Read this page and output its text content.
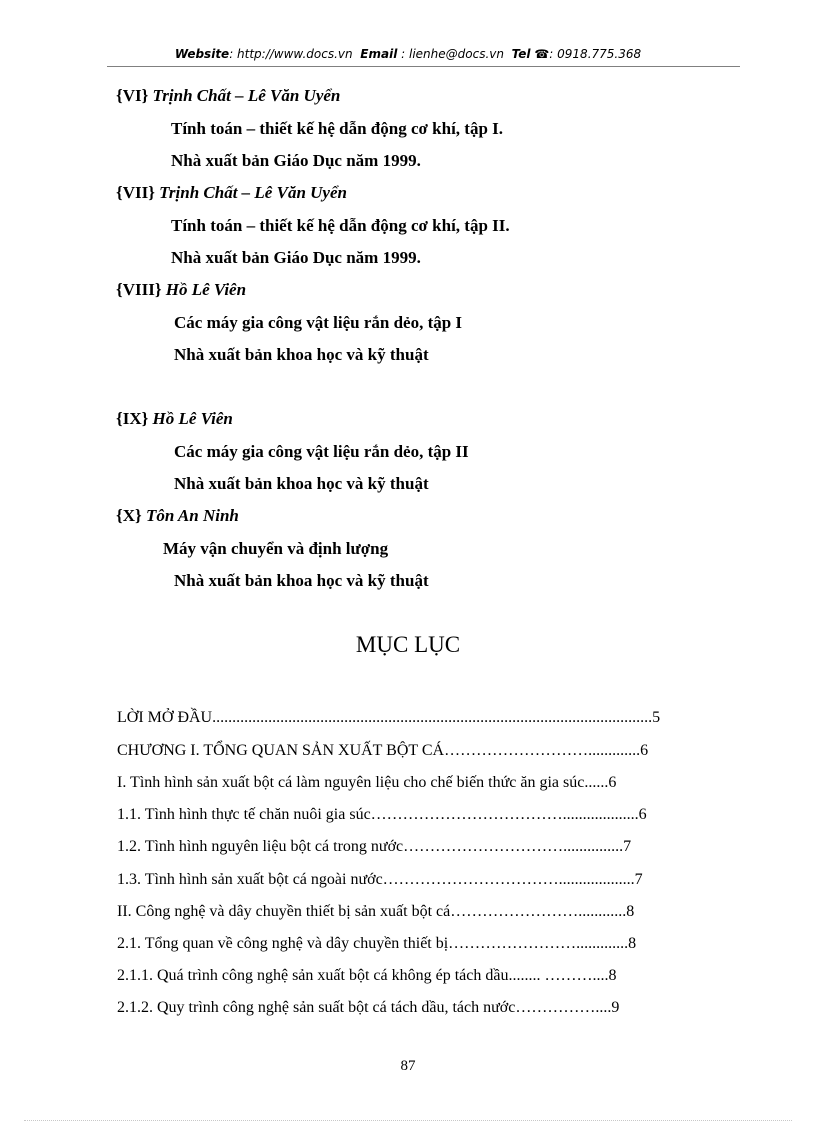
Website: http://www.docs.vn Email : lienhe@docs.vn Tel ☎: 0918.775.368
{VI} Trịnh Chất – Lê Văn Uyển
Tính toán – thiết kế hệ dẫn động cơ khí, tập I.
Nhà xuất bản Giáo Dục năm 1999.
{VII} Trịnh Chất – Lê Văn Uyển
Tính toán – thiết kế hệ dẫn động cơ khí, tập II.
Nhà xuất bản Giáo Dục năm 1999.
{VIII} Hồ Lê Viên
Các máy gia công vật liệu rắn dẻo, tập I
Nhà xuất bản khoa học và kỹ thuật
{IX} Hồ Lê Viên
Các máy gia công vật liệu rắn dẻo, tập II
Nhà xuất bản khoa học và kỹ thuật
{X} Tôn An Ninh
Máy vận chuyển và định lượng
Nhà xuất bản khoa học và kỹ thuật
MỤC LỤC
LỜI MỞ ĐẦU..............................................................................................................5
CHƯƠNG I. TỔNG QUAN SẢN XUẤT BỘT CÁ……………………….............6
I. Tình hình sản xuất bột cá làm nguyên liệu cho chế biến thức ăn gia súc......6
1.1. Tình hình thực tế chăn nuôi gia súc………………………………...................6
1.2. Tình hình nguyên liệu bột cá trong nước…………………………...............7
1.3. Tình hình sản xuất bột cá ngoài nước……………………………...................7
II. Công nghệ và dây chuyền thiết bị sản xuất bột cá……………………............8
2.1. Tổng quan về công nghệ và dây chuyền thiết bị…………………….............8
2.1.1. Quá trình công nghệ sản xuất bột cá không ép tách dầu........ ………....8
2.1.2. Quy trình công nghệ sản suất bột cá tách dầu, tách nước……………....9
87
